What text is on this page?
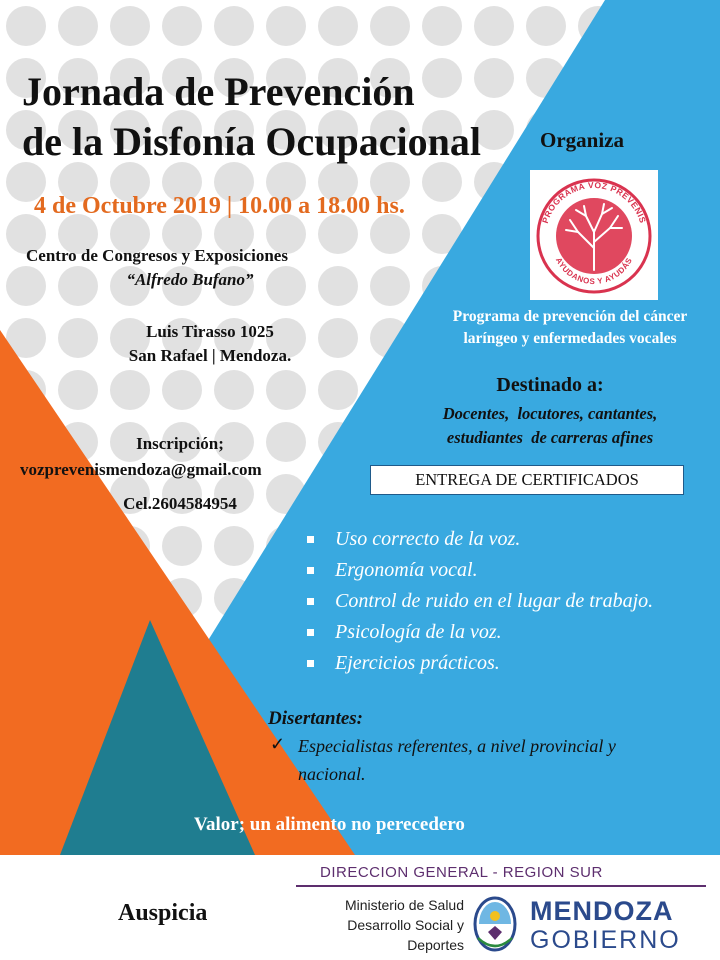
Jornada de Prevención
de la Disfonía Ocupacional
4 de Octubre 2019 | 10.00 a 18.00 hs.
Centro de Congresos y Exposiciones
“Alfredo Bufano”
Luis Tirasso 1025
San Rafael | Mendoza.
Inscripción;
vozprevenismendoza@gmail.com
Cel.2604584954
Organiza
PROGRAMA VOZ PREVENIS
AYUDANOS Y AYUDÁS
Programa de prevención del cáncer
laríngeo y enfermedades vocales
Destinado a:
Docentes,  locutores, cantantes,
estudiantes  de carreras afines
ENTREGA DE CERTIFICADOS
Uso correcto de la voz.
Ergonomía vocal.
Control de ruido en el lugar de trabajo.
Psicología de la voz.
Ejercicios prácticos.
Disertantes:
✓ Especialistas referentes, a nivel provincial y
nacional.
Valor; un alimento no perecedero
Auspicia
DIRECCION GENERAL - REGION SUR
Ministerio de Salud
Desarrollo Social y
Deportes
MENDOZA
GOBIERNO
